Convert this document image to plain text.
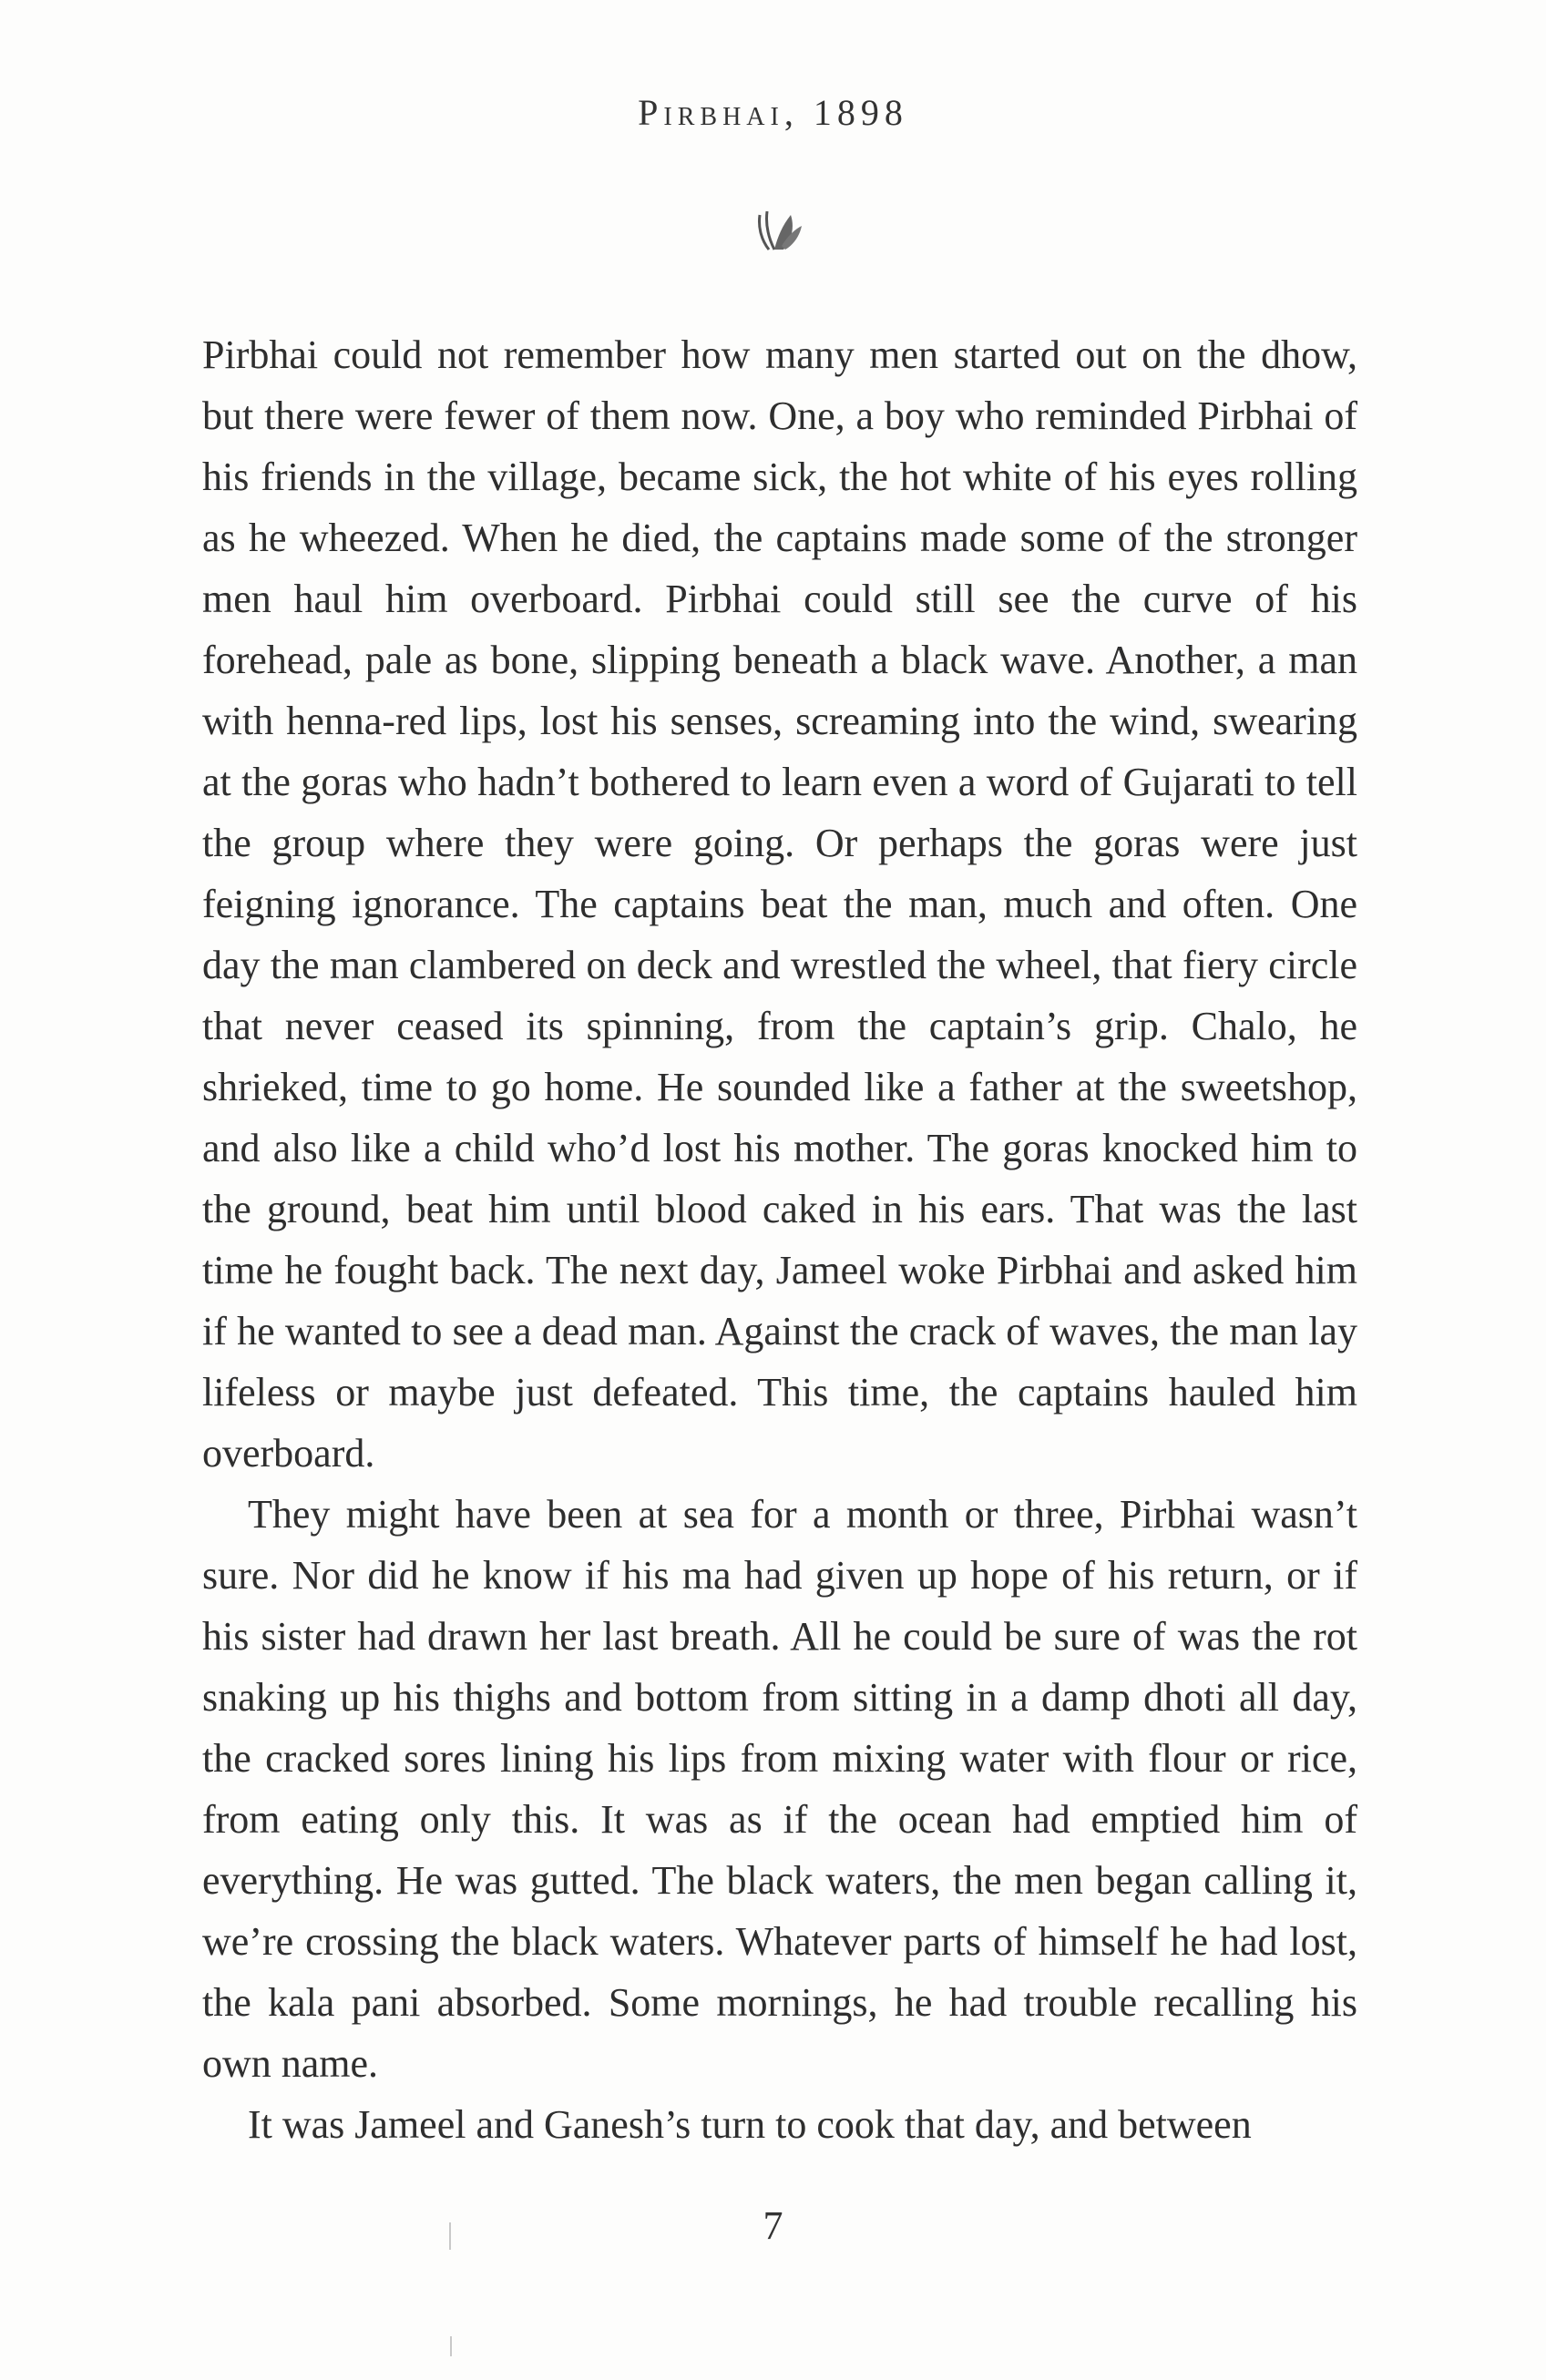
Pirbhai, 1898

Pirbhai could not remember how many men started out on the dhow, but there were fewer of them now. One, a boy who reminded Pirbhai of his friends in the village, became sick, the hot white of his eyes rolling as he wheezed. When he died, the captains made some of the stronger men haul him overboard. Pirbhai could still see the curve of his forehead, pale as bone, slipping beneath a black wave. Another, a man with henna-red lips, lost his senses, screaming into the wind, swearing at the goras who hadn’t bothered to learn even a word of Gujarati to tell the group where they were going. Or perhaps the goras were just feigning ignorance. The captains beat the man, much and often. One day the man clambered on deck and wrestled the wheel, that fiery circle that never ceased its spinning, from the captain’s grip. Chalo, he shrieked, time to go home. He sounded like a father at the sweetshop, and also like a child who’d lost his mother. The goras knocked him to the ground, beat him until blood caked in his ears. That was the last time he fought back. The next day, Jameel woke Pirbhai and asked him if he wanted to see a dead man. Against the crack of waves, the man lay lifeless or maybe just defeated. This time, the captains hauled him overboard.

They might have been at sea for a month or three, Pirbhai wasn’t sure. Nor did he know if his ma had given up hope of his return, or if his sister had drawn her last breath. All he could be sure of was the rot snaking up his thighs and bottom from sitting in a damp dhoti all day, the cracked sores lining his lips from mixing water with flour or rice, from eating only this. It was as if the ocean had emptied him of everything. He was gutted. The black waters, the men began calling it, we’re crossing the black waters. Whatever parts of himself he had lost, the kala pani absorbed. Some mornings, he had trouble recalling his own name.

It was Jameel and Ganesh’s turn to cook that day, and between

7
